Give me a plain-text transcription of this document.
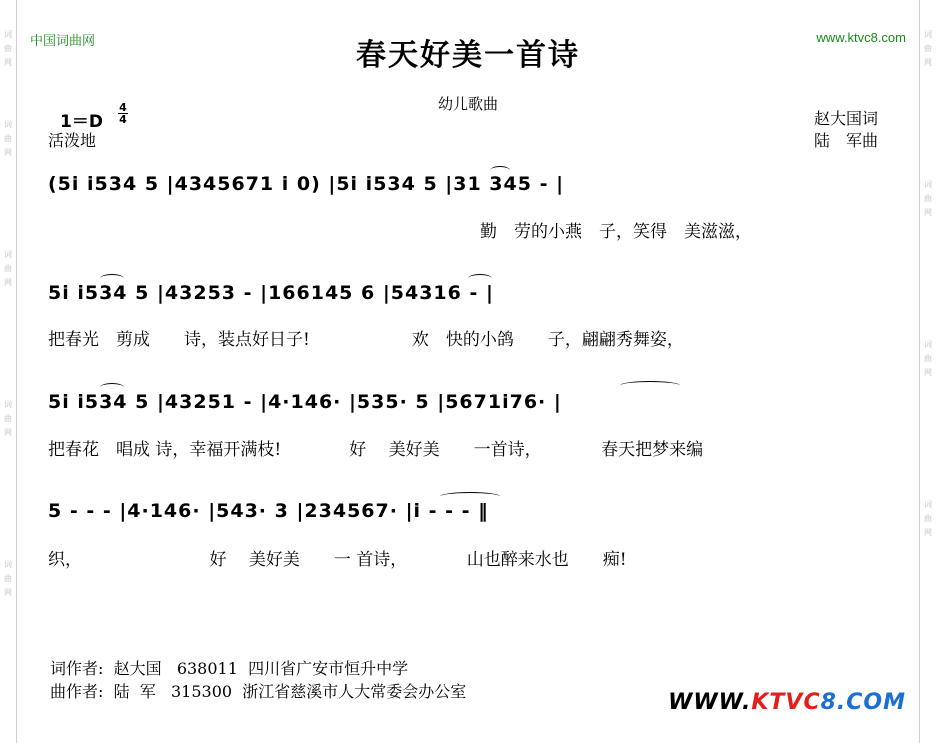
词
曲
网
词
曲
网
词
曲
网
词
曲
网
词
曲
网
词
曲
网
词
曲
网
词
曲
网
词
曲
网
中国词曲网	www.ktvc8.com
春天好美一首诗
幼儿歌曲
1＝D
4
4
活泼地
赵大国词
陆　军曲
(5i i534 5 |4345671 i 0) |5i i534 5 |31 345 - |
勤　劳的小燕　子，笑得　美滋滋，
5i i534 5 |43253 - |166145 6 |54316 - |
把春光　剪成　　诗，装点好日子!　　　　　　欢　快的小鸽　　子，翩翩秀舞姿，
5i i534 5 |43251 - |4·146· |535· 5 |5671i76· |
把春花　唱成 诗，幸福开满枝!　　　　好　 美好美　　一首诗，　　　　春天把梦来编
5 - - - |4·146· |543· 3 |234567· |i - - - ‖
织，　　　　　　　　好　 美好美　　一 首诗，　　　　山也醉来水也　　痴!
词作者:  赵大国   638011  四川省广安市恒升中学
曲作者:  陆  军   315300  浙江省慈溪市人大常委会办公室	WWW.KTVC8.COM
